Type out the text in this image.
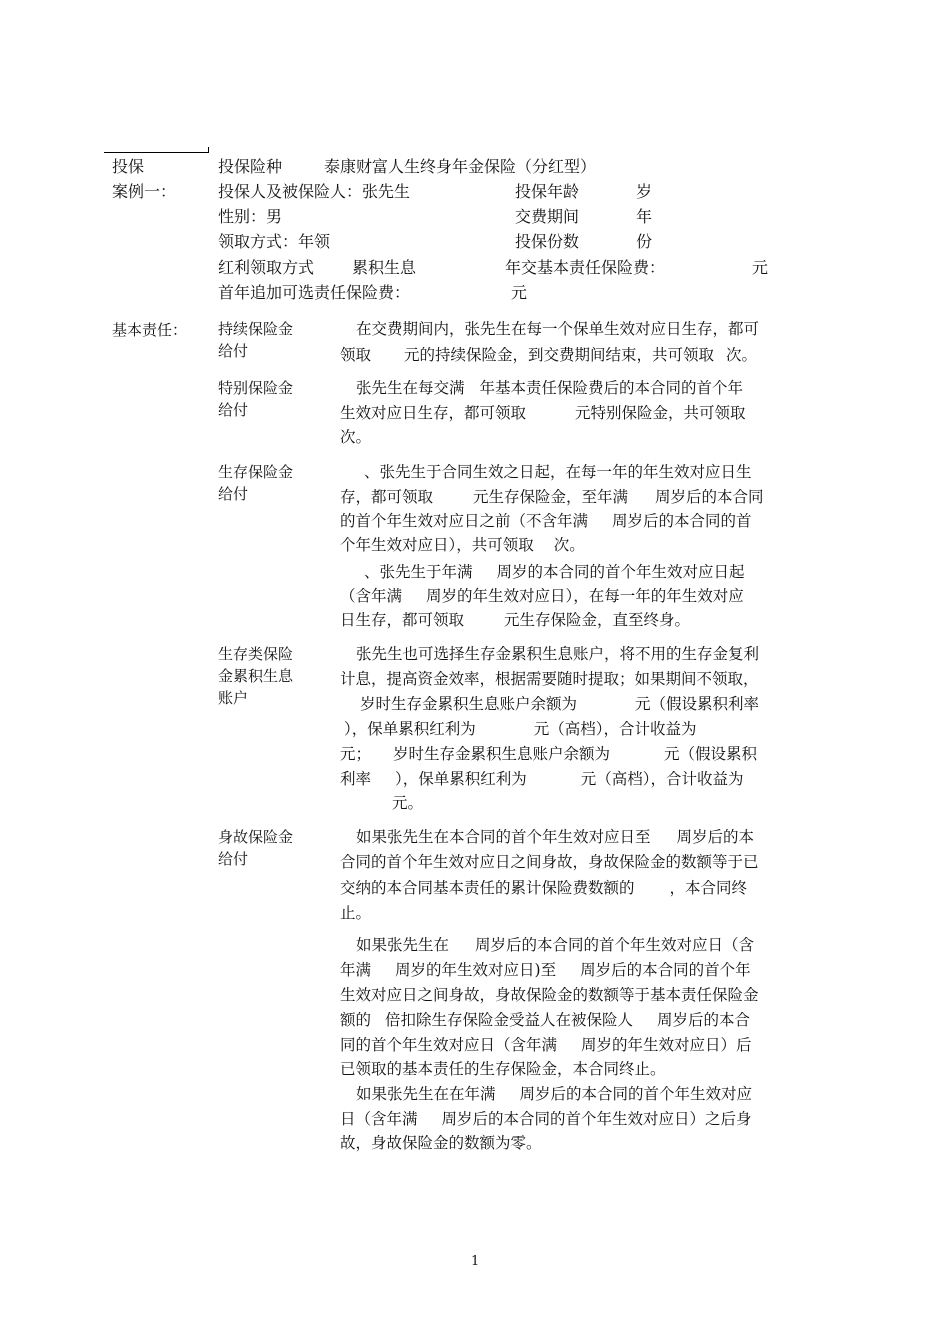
投保
案例一：
投保险种	泰康财富人生终身年金保险（分红型）
投保人及被保险人：张先生	投保年龄	岁
性别：男	交费期间	年
领取方式：年领	投保份数	份
红利领取方式 累积生息	年交基本责任保险费：	元
首年追加可选责任保险费：	元
基本责任： 持续保险金
给付
在交费期间内，张先生在每一个保单生效对应日生存，都可
领取 元的持续保险金，到交费期间结束，共可领取 次。
特别保险金
给付
张先生在每交满 年基本责任保险费后的本合同的首个年
生效对应日生存，都可领取	元特别保险金，共可领取
次。
生存保险金
给付
、张先生于合同生效之日起，在每一年的年生效对应日生
存，都可领取	元生存保险金，至年满 周岁后的本合同
的首个年生效对应日之前（不含年满 周岁后的本合同的首
个年生效对应日），共可领取 次。
、张先生于年满 周岁的本合同的首个年生效对应日起
（含年满 周岁的年生效对应日），在每一年的年生效对应
日生存，都可领取	元生存保险金，直至终身。
生存类保险
金累积生息
账户
张先生也可选择生存金累积生息账户，将不用的生存金复利
计息，提高资金效率，根据需要随时提取；如果期间不领取，
岁时生存金累积生息账户余额为	元（假设累积利率
），保单累积红利为	元（高档），合计收益为
元； 岁时生存金累积生息账户余额为	元（假设累积
利率 ），保单累积红利为	元（高档），合计收益为
元。
身故保险金
给付
如果张先生在本合同的首个年生效对应日至 周岁后的本
合同的首个年生效对应日之间身故，身故保险金的数额等于已
交纳的本合同基本责任的累计保险费数额的 ，本合同终
止。
如果张先生在 周岁后的本合同的首个年生效对应日（含
年满 周岁的年生效对应日)至 周岁后的本合同的首个年
生效对应日之间身故，身故保险金的数额等于基本责任保险金
额的 倍扣除生存保险金受益人在被保险人 周岁后的本合
同的首个年生效对应日（含年满 周岁的年生效对应日）后
已领取的基本责任的生存保险金，本合同终止。
如果张先生在在年满 周岁后的本合同的首个年生效对应
日（含年满 周岁后的本合同的首个年生效对应日）之后身
故，身故保险金的数额为零。
1
